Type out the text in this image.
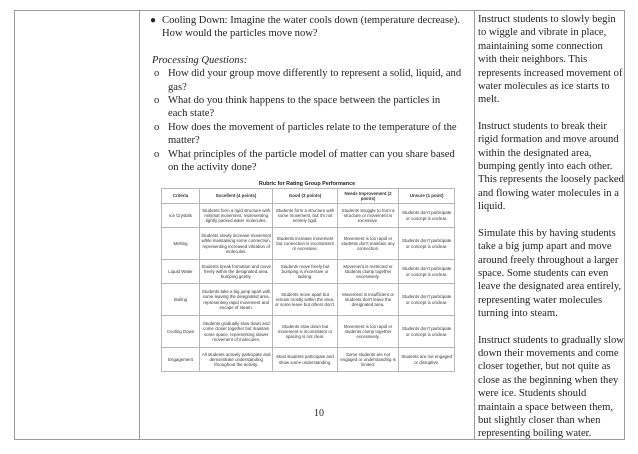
● Cooling Down: Imagine the water cools down (temperature decrease).
How would the particles move now?
Processing Questions:
o How did your group move differently to represent a solid, liquid, and
gas?
o What do you think happens to the space between the particles in
each state?
o How does the movement of particles relate to the temperature of the
matter?
o What principles of the particle model of matter can you share based
on the activity done?
Rubric for Rating Group Performance
Criteria	Excellent (4 points)	Good (3 points)	Needs Improvement (2 points)	Unsure (1 point)
Ice Crystals	Students form a rigid structure with minimal movement, representing tightly packed water molecules.	Students form a structure with some movement, but it's not entirely rigid.	Students struggle to form a structure or movement is excessive.	Students don't participate or concept is unclear.
Melting	Students slowly increase movement while maintaining some connection, representing increased vibration of molecules.	Students increase movement but connection is inconsistent or excessive.	Movement is too rapid or students don't maintain any connection.	Students don't participate or concept is unclear.
Liquid Water	Students break formation and move freely within the designated area, bumping gently.	Students move freely but bumping is excessive or lacking.	Movement is restricted or students clump together excessively.	Students don't participate or concept is unclear.
Boiling	Students take a big jump apart with some leaving the designated area, representing rapid movement and escape of steam.	Students move apart but remain mostly within the area, or some leave but others don't.	Movement is insufficient or students don't leave the designated area.	Students don't participate or concept is unclear.
Cooling Down	Students gradually slow down and come closer together but maintain some space, representing slower movement of molecules.	Students slow down but movement is inconsistent or spacing is not clear.	Movement is too rapid or students clump together excessively.	Students don't participate or concept is unclear.
Engagement	All students actively participate and demonstrate understanding throughout the activity.	Most students participate and show some understanding.	Some students are not engaged or understanding is limited.	Students are not engaged or disruptive.

Instruct students to slowly begin to wiggle and vibrate in place, maintaining some connection with their neighbors. This represents increased movement of water molecules as ice starts to melt.

Instruct students to break their rigid formation and move around within the designated area, bumping gently into each other. This represents the loosely packed and flowing water molecules in a liquid.

Simulate this by having students take a big jump apart and move around freely throughout a larger space. Some students can even leave the designated area entirely, representing water molecules turning into steam.

Instruct students to gradually slow down their movements and come closer together, but not quite as close as the beginning when they were ice. Students should maintain a space between them, but slightly closer than when representing boiling water.

10
